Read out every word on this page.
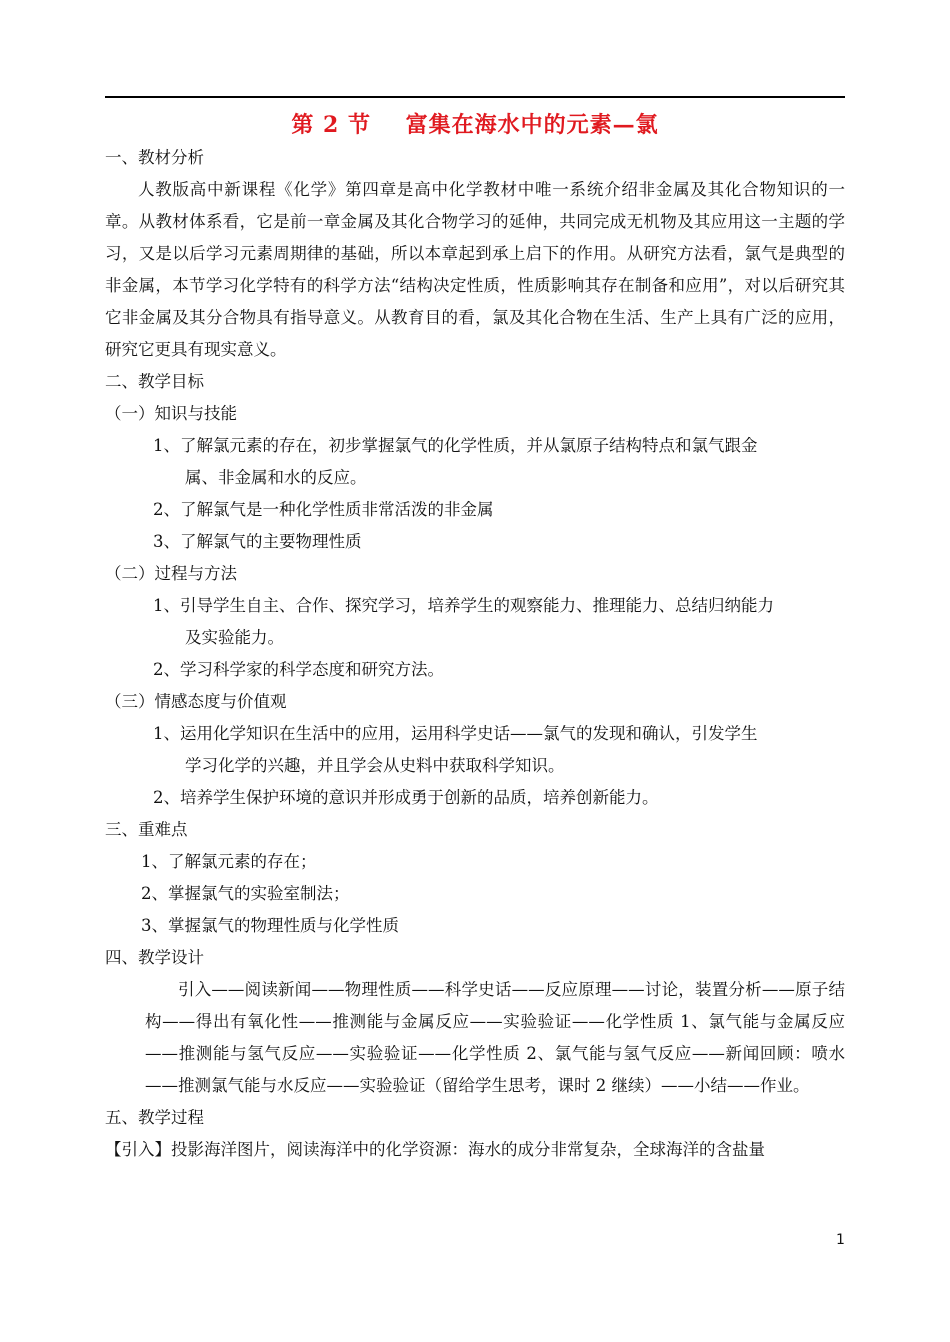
第 2 节    富集在海水中的元素—氯

一、教材分析

人教版高中新课程《化学》第四章是高中化学教材中唯一系统介绍非金属及其化合物知识的一章。从教材体系看，它是前一章金属及其化合物学习的延伸，共同完成无机物及其应用这一主题的学习，又是以后学习元素周期律的基础，所以本章起到承上启下的作用。从研究方法看，氯气是典型的非金属，本节学习化学特有的科学方法“结构决定性质，性质影响其存在制备和应用”，对以后研究其它非金属及其分合物具有指导意义。从教育目的看，氯及其化合物在生活、生产上具有广泛的应用，研究它更具有现实意义。

二、教学目标

（一）知识与技能

1、了解氯元素的存在，初步掌握氯气的化学性质，并从氯原子结构特点和氯气跟金

属、非金属和水的反应。

2、了解氯气是一种化学性质非常活泼的非金属

3、了解氯气的主要物理性质

（二）过程与方法

1、引导学生自主、合作、探究学习，培养学生的观察能力、推理能力、总结归纳能力

及实验能力。

2、学习科学家的科学态度和研究方法。

（三）情感态度与价值观

1、运用化学知识在生活中的应用，运用科学史话——氯气的发现和确认，引发学生

学习化学的兴趣，并且学会从史料中获取科学知识。

2、培养学生保护环境的意识并形成勇于创新的品质，培养创新能力。

三、重难点

1、了解氯元素的存在；

2、掌握氯气的实验室制法；

3、掌握氯气的物理性质与化学性质

四、教学设计

引入——阅读新闻——物理性质——科学史话——反应原理——讨论，装置分析——原子结构——得出有氧化性——推测能与金属反应——实验验证——化学性质 1、氯气能与金属反应——推测能与氢气反应——实验验证——化学性质 2、氯气能与氢气反应——新闻回顾：喷水——推测氯气能与水反应——实验验证（留给学生思考，课时 2 继续）——小结——作业。

五、教学过程

【引入】投影海洋图片，阅读海洋中的化学资源：海水的成分非常复杂，全球海洋的含盐量

1
